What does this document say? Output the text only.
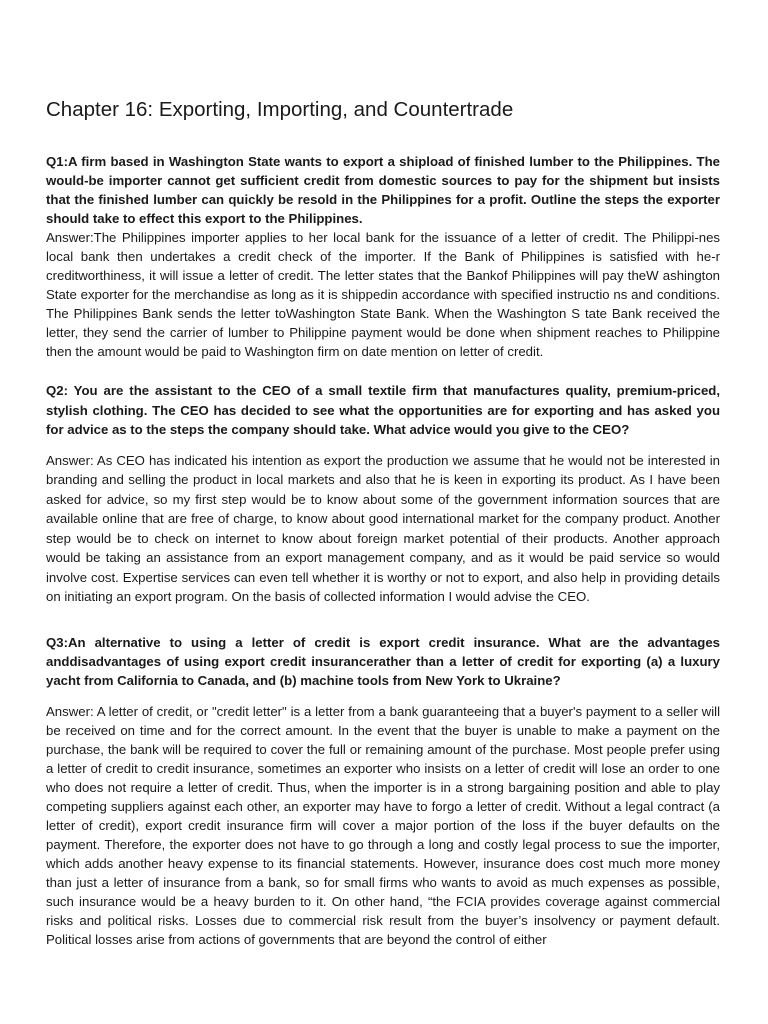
Chapter 16: Exporting, Importing, and Countertrade

Q1:A firm based in Washington State wants to export a shipload of finished lumber to the Philippines. The would-be importer cannot get sufficient credit from domestic sources to pay for the shipment but insists that the finished lumber can quickly be resold in the Philippines for a profit. Outline the steps the exporter should take to effect this export to the Philippines.

Answer:The Philippines importer applies to her local bank for the issuance of a letter of credit. The Philippi-nes local bank then undertakes a credit check of the importer. If the Bank of Philippines is satisfied with he-r creditworthiness, it will issue a letter of credit. The letter states that the Bankof Philippines will pay theW ashington State exporter for the merchandise as long as it is shippedin accordance with specified instructio ns and conditions. The Philippines Bank sends the letter toWashington State Bank. When the Washington S tate Bank received the letter, they send the carrier of lumber to Philippine payment would be done when shipment reaches to Philippine then the amount would be paid to Washington firm on date mention on letter of credit.

Q2: You are the assistant to the CEO of a small textile firm that manufactures quality, premium-priced, stylish clothing. The CEO has decided to see what the opportunities are for exporting and has asked you for advice as to the steps the company should take. What advice would you give to the CEO?

Answer: As CEO has indicated his intention as export the production we assume that he would not be interested in branding and selling the product in local markets and also that he is keen in exporting its product. As I have been asked for advice, so my first step would be to know about some of the government information sources that are available online that are free of charge, to know about good international market for the company product. Another step would be to check on internet to know about foreign market potential of their products. Another approach would be taking an assistance from an export management company, and as it would be paid service so would involve cost. Expertise services can even tell whether it is worthy or not to export, and also help in providing details on initiating an export program. On the basis of collected information I would advise the CEO.

Q3:An alternative to using a letter of credit is export credit insurance. What are the advantages anddisadvantages of using export credit insurancerather than a letter of credit for exporting (a) a luxury yacht from California to Canada, and (b) machine tools from New York to Ukraine?

Answer: A letter of credit, or "credit letter" is a letter from a bank guaranteeing that a buyer's payment to a seller will be received on time and for the correct amount. In the event that the buyer is unable to make a payment on the purchase, the bank will be required to cover the full or remaining amount of the purchase. Most people prefer using a letter of credit to credit insurance, sometimes an exporter who insists on a letter of credit will lose an order to one who does not require a letter of credit. Thus, when the importer is in a strong bargaining position and able to play competing suppliers against each other, an exporter may have to forgo a letter of credit. Without a legal contract (a letter of credit), export credit insurance firm will cover a major portion of the loss if the buyer defaults on the payment. Therefore, the exporter does not have to go through a long and costly legal process to sue the importer, which adds another heavy expense to its financial statements. However, insurance does cost much more money than just a letter of insurance from a bank, so for small firms who wants to avoid as much expenses as possible, such insurance would be a heavy burden to it. On other hand, “the FCIA provides coverage against commercial risks and political risks. Losses due to commercial risk result from the buyer’s insolvency or payment default. Political losses arise from actions of governments that are beyond the control of either
